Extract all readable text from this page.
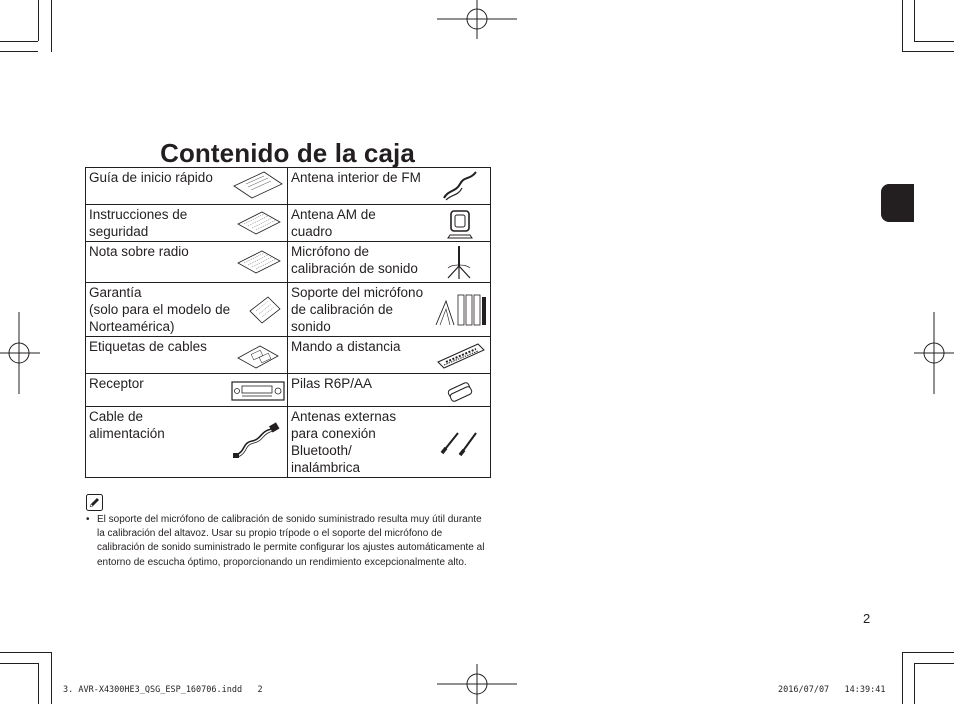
Contenido de la caja
Guía de inicio rápido	Antena interior de FM

Instrucciones de seguridad	Antena AM de cuadro

Nota sobre radio	Micrófono de calibración de sonido

Garantía
(solo para el modelo de Norteamérica)	Soporte del micrófono de calibración de sonido

Etiquetas de cables	Mando a distancia

Receptor	Pilas R6P/AA

Cable de alimentación	Antenas externas para conexión Bluetooth/ inalámbrica
• El soporte del micrófono de calibración de sonido suministrado resulta muy útil durante la calibración del altavoz. Usar su propio trípode o el soporte del micrófono de calibración de sonido suministrado le permite configurar los ajustes automáticamente al entorno de escucha óptimo, proporcionando un rendimiento excepcionalmente alto.
2
3. AVR-X4300HE3_QSG_ESP_160706.indd   2	2016/07/07   14:39:41
